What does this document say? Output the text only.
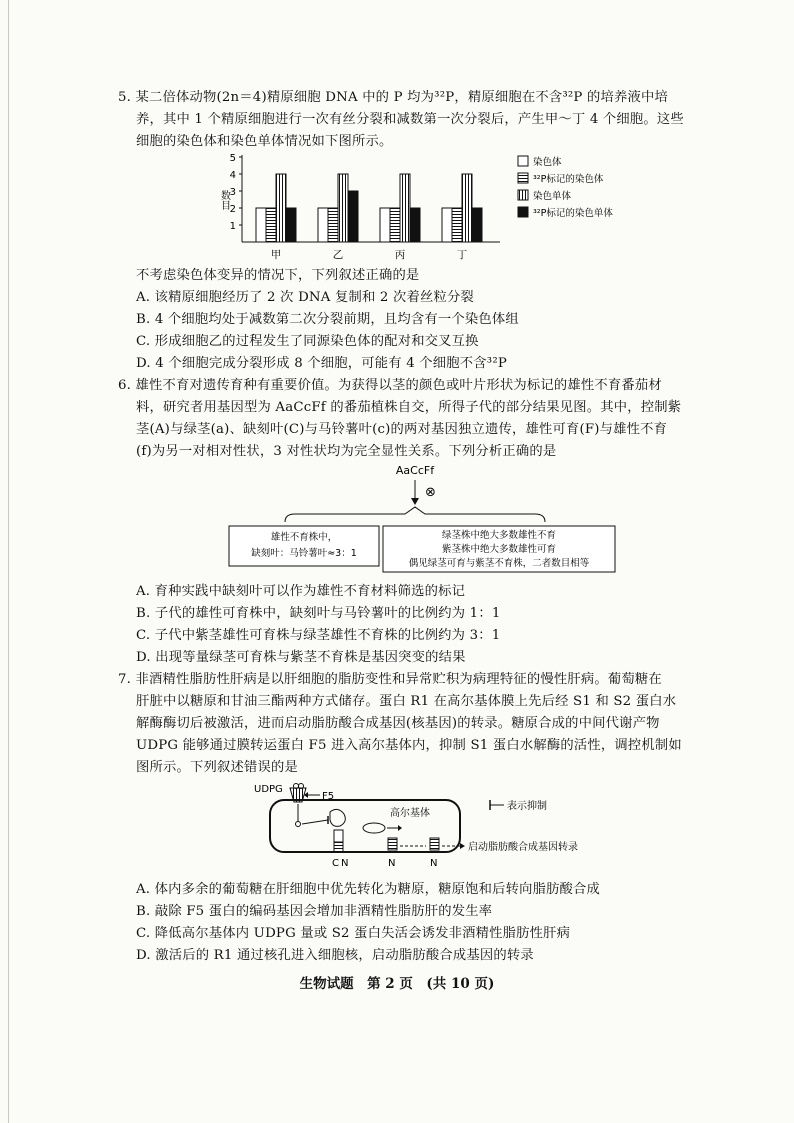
5. 某二倍体动物(2n＝4)精原细胞 DNA 中的 P 均为³²P，精原细胞在不含³²P 的培养液中培
养，其中 1 个精原细胞进行一次有丝分裂和减数第一次分裂后，产生甲～丁 4 个细胞。这些
细胞的染色体和染色单体情况如下图所示。
1
2
3
4
5
数目
甲	乙	丙	丁
染色体
³²P标记的染色体
染色单体
³²P标记的染色单体
不考虑染色体变异的情况下，下列叙述正确的是
A. 该精原细胞经历了 2 次 DNA 复制和 2 次着丝粒分裂
B. 4 个细胞均处于减数第二次分裂前期，且均含有一个染色体组
C. 形成细胞乙的过程发生了同源染色体的配对和交叉互换
D. 4 个细胞完成分裂形成 8 个细胞，可能有 4 个细胞不含³²P
6. 雄性不育对遗传育种有重要价值。为获得以茎的颜色或叶片形状为标记的雄性不育番茄材
料，研究者用基因型为 AaCcFf 的番茄植株自交，所得子代的部分结果见图。其中，控制紫
茎(A)与绿茎(a)、缺刻叶(C)与马铃薯叶(c)的两对基因独立遗传，雄性可育(F)与雄性不育
(f)为另一对相对性状，3 对性状均为完全显性关系。下列分析正确的是
AaCcFf
⊗
雄性不育株中，
缺刻叶：马铃薯叶≈3：1
绿茎株中绝大多数雄性不育
紫茎株中绝大多数雄性可育
偶见绿茎可育与紫茎不育株，二者数目相等
A. 育种实践中缺刻叶可以作为雄性不育材料筛选的标记
B. 子代的雄性可育株中，缺刻叶与马铃薯叶的比例约为 1：1
C. 子代中紫茎雄性可育株与绿茎雄性不育株的比例约为 3：1
D. 出现等量绿茎可育株与紫茎不育株是基因突变的结果
7. 非酒精性脂肪性肝病是以肝细胞的脂肪变性和异常贮积为病理特征的慢性肝病。葡萄糖在
肝脏中以糖原和甘油三酯两种方式储存。蛋白 R1 在高尔基体膜上先后经 S1 和 S2 蛋白水
解酶酶切后被激活，进而启动脂肪酸合成基因(核基因)的转录。糖原合成的中间代谢产物
UDPG 能够通过膜转运蛋白 F5 进入高尔基体内，抑制 S1 蛋白水解酶的活性，调控机制如
图所示。下列叙述错误的是
UDPG
F5
高尔基体
C N	N	N
启动脂肪酸合成基因转录
表示抑制
A. 体内多余的葡萄糖在肝细胞中优先转化为糖原，糖原饱和后转向脂肪酸合成
B. 敲除 F5 蛋白的编码基因会增加非酒精性脂肪肝的发生率
C. 降低高尔基体内 UDPG 量或 S2 蛋白失活会诱发非酒精性脂肪性肝病
D. 激活后的 R1 通过核孔进入细胞核，启动脂肪酸合成基因的转录
生物试题　第 2 页　(共 10 页)
